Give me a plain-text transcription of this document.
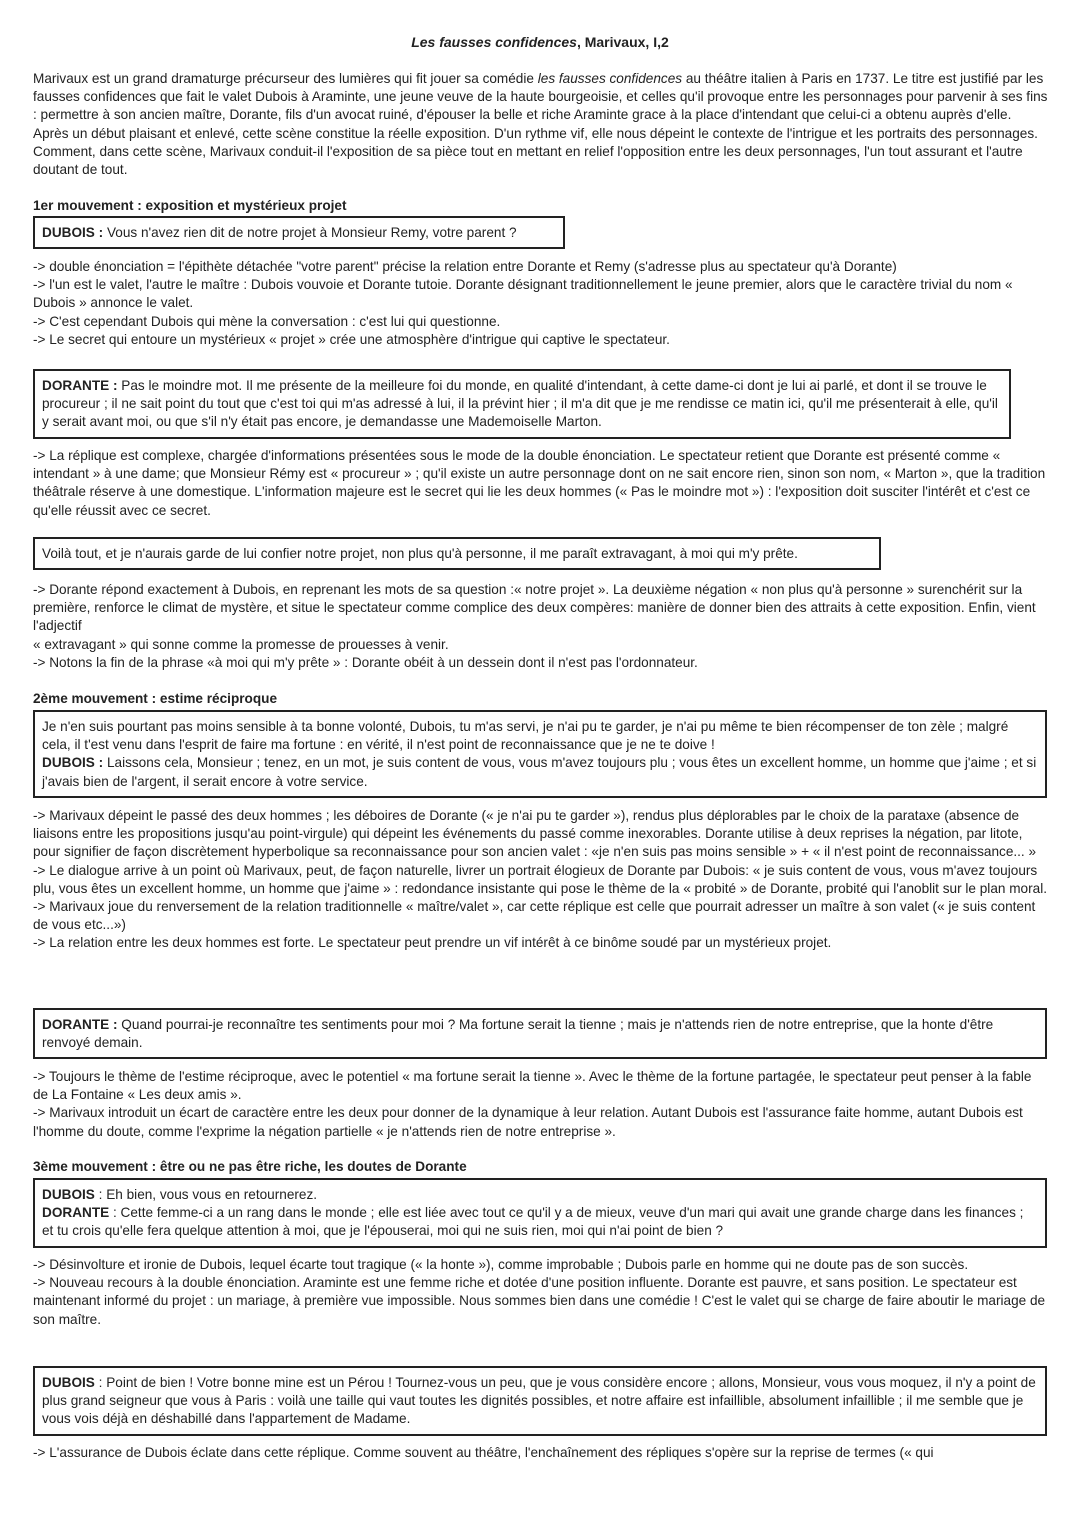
Les fausses confidences, Marivaux, I,2

Marivaux est un grand dramaturge précurseur des lumières qui fit jouer sa comédie les fausses confidences au théâtre italien à Paris en 1737. Le titre est justifié par les fausses confidences que fait le valet Dubois à Araminte, une jeune veuve de la haute bourgeoisie, et celles qu'il provoque entre les personnages pour parvenir à ses fins : permettre à son ancien maître, Dorante, fils d'un avocat ruiné, d'épouser la belle et riche Araminte grace à la place d'intendant que celui-ci a obtenu auprès d'elle. Après un début plaisant et enlevé, cette scène constitue la réelle exposition. D'un rythme vif, elle nous dépeint le contexte de l'intrigue et les portraits des personnages. Comment, dans cette scène, Marivaux conduit-il l'exposition de sa pièce tout en mettant en relief l'opposition entre les deux personnages, l'un tout assurant et l'autre doutant de tout.

1er mouvement : exposition et mystérieux projet

DUBOIS : Vous n'avez rien dit de notre projet à Monsieur Remy, votre parent ?

-> double énonciation = l'épithète détachée "votre parent" précise la relation entre Dorante et Remy (s'adresse plus au spectateur qu'à Dorante)

-> l'un est le valet, l'autre le maître : Dubois vouvoie et Dorante tutoie. Dorante désignant traditionnellement le jeune premier, alors que le caractère trivial du nom « Dubois » annonce le valet.

-> C'est cependant Dubois qui mène la conversation : c'est lui qui questionne.

-> Le secret qui entoure un mystérieux « projet » crée une atmosphère d'intrigue qui captive le spectateur.

DORANTE : Pas le moindre mot. Il me présente de la meilleure foi du monde, en qualité d'intendant, à cette dame-ci dont je lui ai parlé, et dont il se trouve le procureur ; il ne sait point du tout que c'est toi qui m'as adressé à lui, il la prévint hier ; il m'a dit que je me rendisse ce matin ici, qu'il me présenterait à elle, qu'il y serait avant moi, ou que s'il n'y était pas encore, je demandasse une Mademoiselle Marton.

-> La réplique est complexe, chargée d'informations présentées sous le mode de la double énonciation. Le spectateur retient que Dorante est présenté comme « intendant » à une dame; que Monsieur Rémy est « procureur » ; qu'il existe un autre personnage dont on ne sait encore rien, sinon son nom, « Marton », que la tradition théâtrale réserve à une domestique. L'information majeure est le secret qui lie les deux hommes (« Pas le moindre mot ») : l'exposition doit susciter l'intérêt et c'est ce qu'elle réussit avec ce secret.

Voilà tout, et je n'aurais garde de lui confier notre projet, non plus qu'à personne, il me paraît extravagant, à moi qui m'y prête.

-> Dorante répond exactement à Dubois, en reprenant les mots de sa question :« notre projet ». La deuxième négation « non plus qu'à personne » surenchérit sur la première, renforce le climat de mystère, et situe le spectateur comme complice des deux compères: manière de donner bien des attraits à cette exposition. Enfin, vient l'adjectif

« extravagant » qui sonne comme la promesse de prouesses à venir.

-> Notons la fin de la phrase «à moi qui m'y prête » : Dorante obéit à un dessein dont il n'est pas l'ordonnateur.

2ème mouvement : estime réciproque

Je n'en suis pourtant pas moins sensible à ta bonne volonté, Dubois, tu m'as servi, je n'ai pu te garder, je n'ai pu même te bien récompenser de ton zèle ; malgré cela, il t'est venu dans l'esprit de faire ma fortune : en vérité, il n'est point de reconnaissance que je ne te doive !

DUBOIS : Laissons cela, Monsieur ; tenez, en un mot, je suis content de vous, vous m'avez toujours plu ; vous êtes un excellent homme, un homme que j'aime ; et si j'avais bien de l'argent, il serait encore à votre service.

-> Marivaux dépeint le passé des deux hommes ; les déboires de Dorante (« je n'ai pu te garder »), rendus plus déplorables par le choix de la parataxe (absence de liaisons entre les propositions jusqu'au point-virgule) qui dépeint les événements du passé comme inexorables. Dorante utilise à deux reprises la négation, par litote, pour signifier de façon discrètement hyperbolique sa reconnaissance pour son ancien valet : «je n'en suis pas moins sensible » + « il n'est point de reconnaissance... »

-> Le dialogue arrive à un point où Marivaux, peut, de façon naturelle, livrer un portrait élogieux de Dorante par Dubois: « je suis content de vous, vous m'avez toujours plu, vous êtes un excellent homme, un homme que j'aime » : redondance insistante qui pose le thème de la « probité » de Dorante, probité qui l'anoblit sur le plan moral.

-> Marivaux joue du renversement de la relation traditionnelle « maître/valet », car cette réplique est celle que pourrait adresser un maître à son valet (« je suis content de vous etc...»)

-> La relation entre les deux hommes est forte. Le spectateur peut prendre un vif intérêt à ce binôme soudé par un mystérieux projet.

DORANTE : Quand pourrai-je reconnaître tes sentiments pour moi ? Ma fortune serait la tienne ; mais je n'attends rien de notre entreprise, que la honte d'être renvoyé demain.

-> Toujours le thème de l'estime réciproque, avec le potentiel « ma fortune serait la tienne ». Avec le thème de la fortune partagée, le spectateur peut penser à la fable de La Fontaine « Les deux amis ».

-> Marivaux introduit un écart de caractère entre les deux pour donner de la dynamique à leur relation. Autant Dubois est l'assurance faite homme, autant Dubois est l'homme du doute, comme l'exprime la négation partielle « je n'attends rien de notre entreprise ».

3ème mouvement : être ou ne pas être riche, les doutes de Dorante

DUBOIS : Eh bien, vous vous en retournerez.

DORANTE : Cette femme-ci a un rang dans le monde ; elle est liée avec tout ce qu'il y a de mieux, veuve d'un mari qui avait une grande charge dans les finances ; et tu crois qu'elle fera quelque attention à moi, que je l'épouserai, moi qui ne suis rien, moi qui n'ai point de bien ?

-> Désinvolture et ironie de Dubois, lequel écarte tout tragique (« la honte »), comme improbable ; Dubois parle en homme qui ne doute pas de son succès.

-> Nouveau recours à la double énonciation. Araminte est une femme riche et dotée d'une position influente. Dorante est pauvre, et sans position. Le spectateur est maintenant informé du projet : un mariage, à première vue impossible. Nous sommes bien dans une comédie ! C'est le valet qui se charge de faire aboutir le mariage de son maître.

DUBOIS : Point de bien ! Votre bonne mine est un Pérou ! Tournez-vous un peu, que je vous considère encore ; allons, Monsieur, vous vous moquez, il n'y a point de plus grand seigneur que vous à Paris : voilà une taille qui vaut toutes les dignités possibles, et notre affaire est infaillible, absolument infaillible ; il me semble que je vous vois déjà en déshabillé dans l'appartement de Madame.

-> L'assurance de Dubois éclate dans cette réplique. Comme souvent au théâtre, l'enchaînement des répliques s'opère sur la reprise de termes (« qui
